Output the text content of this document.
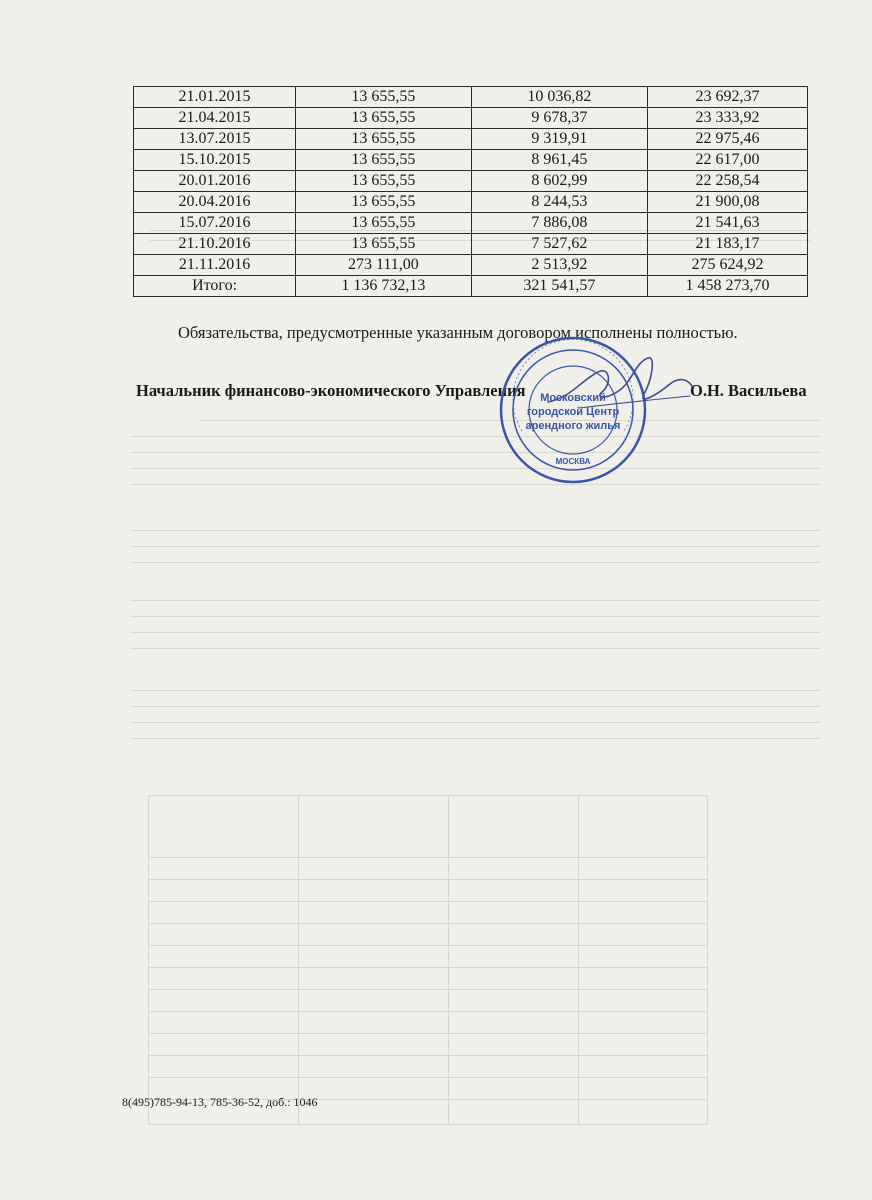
21.01.2015	13 655,55	10 036,82	23 692,37
21.04.2015	13 655,55	9 678,37	23 333,92
13.07.2015	13 655,55	9 319,91	22 975,46
15.10.2015	13 655,55	8 961,45	22 617,00
20.01.2016	13 655,55	8 602,99	22 258,54
20.04.2016	13 655,55	8 244,53	21 900,08
15.07.2016	13 655,55	7 886,08	21 541,63
21.10.2016	13 655,55	7 527,62	21 183,17
21.11.2016	273 111,00	2 513,92	275 624,92
Итого:	1 136 732,13	321 541,57	1 458 273,70
Обязательства, предусмотренные указанным договором исполнены полностью.
Начальник финансово-экономического Управления	О.Н. Васильева
Московский
городской Центр
арендного жилья
МОСКВА
8(495)785-94-13, 785-36-52, доб.: 1046
